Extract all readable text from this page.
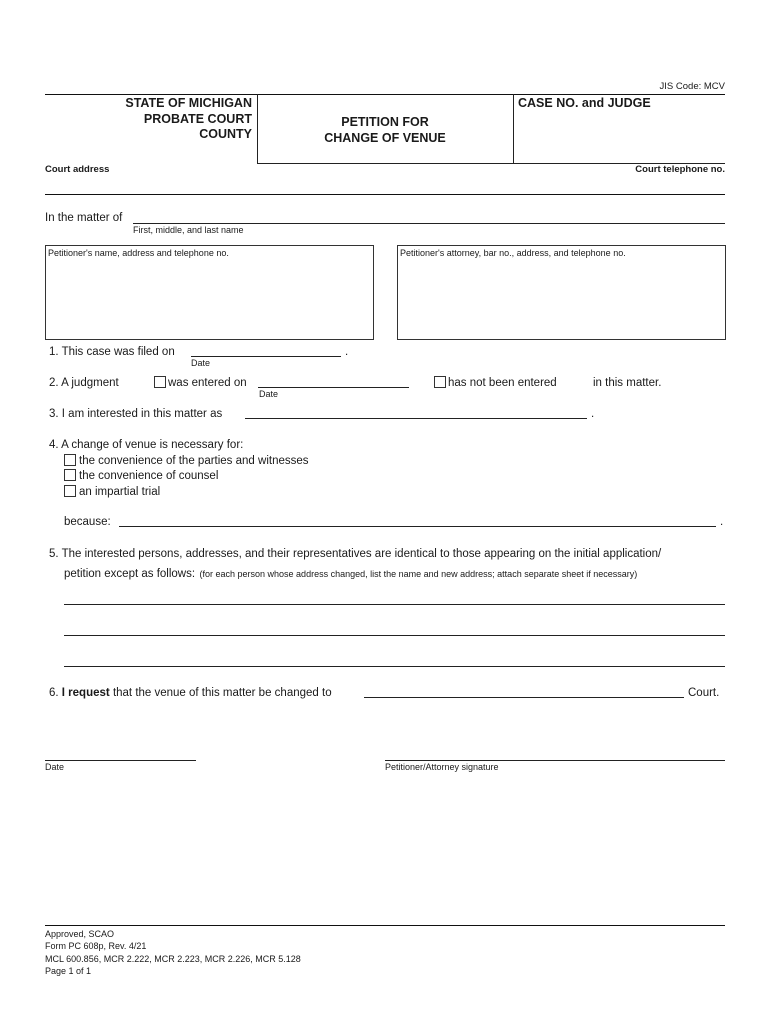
JIS Code: MCV
STATE OF MICHIGAN
PROBATE COURT
COUNTY
PETITION FOR
CHANGE OF VENUE
CASE NO. and JUDGE
Court address	Court telephone no.
In the matter of
First, middle, and last name
Petitioner's name, address and telephone no.	Petitioner's attorney, bar no., address, and telephone no.
1. This case was filed on	.
Date
2. A judgment	was entered on
Date
has not been entered	in this matter.
3. I am interested in this matter as	.
4. A change of venue is necessary for:
the convenience of the parties and witnesses
the convenience of counsel
an impartial trial
because:	.
5. The interested persons, addresses, and their representatives are identical to those appearing on the initial application/
petition except as follows: (for each person whose address changed, list the name and new address; attach separate sheet if necessary)
6. I request that the venue of this matter be changed to	Court.
Date	Petitioner/Attorney signature
Approved, SCAO
Form PC 608p, Rev. 4/21
MCL 600.856, MCR 2.222, MCR 2.223, MCR 2.226, MCR 5.128
Page 1 of 1
